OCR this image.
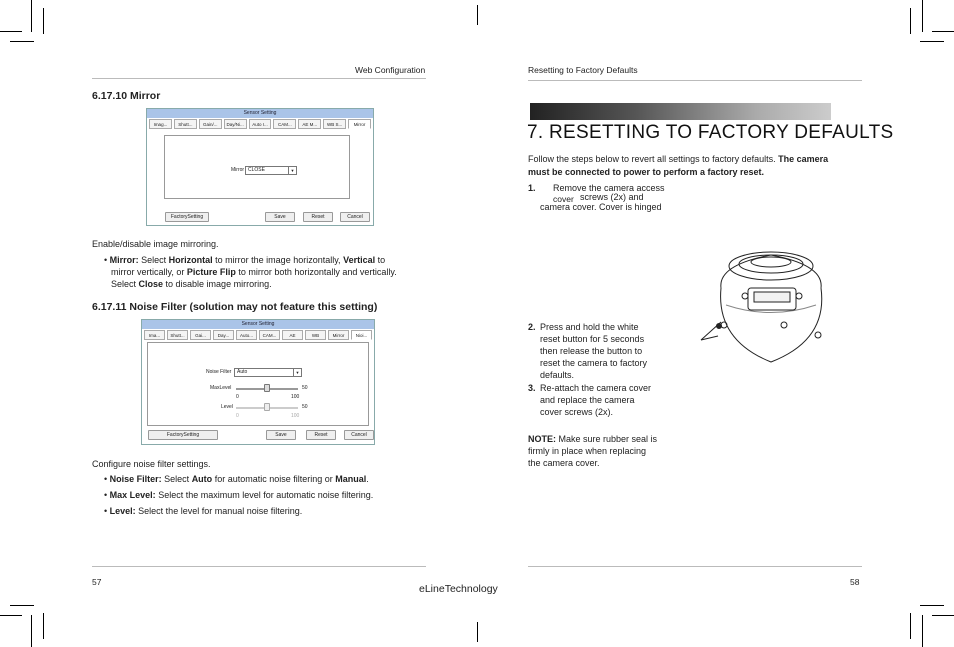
Web Configuration
6.17.10 Mirror
Sensor Setting
Imag...	Shutt...	Gain/...	Day/Ni...	Auto I...	CAM...	AE M...	WB S...	Mirror
Mirror CLOSE	▼
FactorySetting	Save	Reset	Cancel
Enable/disable image mirroring.
• Mirror: Select Horizontal to mirror the image horizontally, Vertical to
mirror vertically, or Picture Flip to mirror both horizontally and vertically.
Select Close to disable image mirroring.
6.17.11 Noise Filter (solution may not feature this setting)
Sensor Setting
Ima...	Shutt...	Gai...	Day...	Auto...	CAM...	AE	WB	Mirror	Nioi...
Noise Filter	Auto	▼
MaxLevel	50
0	100
Level	50
0	100
FactorySetting	Save	Reset	Cancel
Configure noise filter settings.
• Noise Filter: Select Auto for automatic noise filtering or Manual.
• Max Level: Select the maximum level for automatic noise filtering.
• Level: Select the level for manual noise filtering.
57
eLineTechnology
Resetting to Factory Defaults
7. RESETTING TO FACTORY DEFAULTS
Follow the steps below to revert all settings to factory defaults. The camera
must be connected to power to perform a factory reset.
1. Remove the camera access
cover screws (2x) and
camera cover. Cover is hinged
2. Press and hold the white
reset button for 5 seconds
then release the button to
reset the camera to factory
defaults.
3. Re-attach the camera cover
and replace the camera
cover screws (2x).
NOTE: Make sure rubber seal is
firmly in place when replacing
the camera cover.
58
